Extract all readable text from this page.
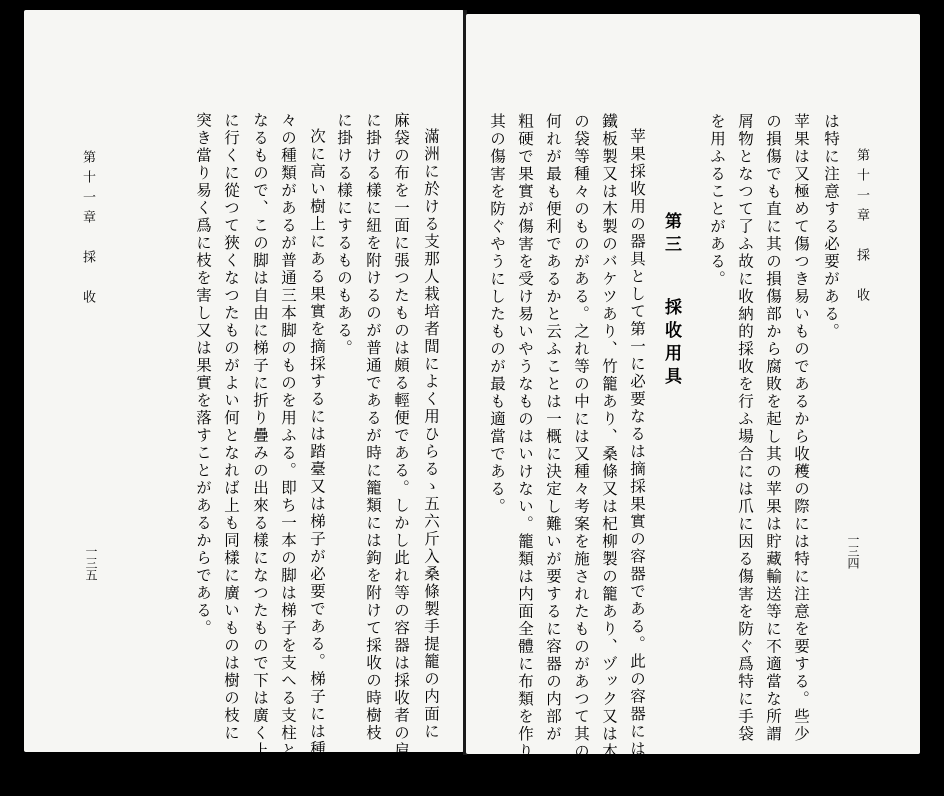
第十一章　採　收
一三五	滿洲に於ける支那人栽培者間によく用ひらるゝ五六斤入桑條製手提籠の内面に
麻袋の布を一面に張つたものは頗る輕便である。しかし此れ等の容器は採收者の肩
に掛ける樣に紐を附けるのが普通であるが時に籠類には鉤を附けて採收の時樹枝
に掛ける樣にするものもある。
次に高い樹上にある果實を摘採するには踏臺又は梯子が必要である。梯子には種
々の種類があるが普通三本脚のものを用ふる。即ち一本の脚は梯子を支へる支柱と
なるもので、この脚は自由に梯子に折り疊みの出來る樣になつたもので下は廣く上
に行くに從つて狹くなつたものがよい何となれば上も同樣に廣いものは樹の枝に
突き當り易く爲に枝を害し又は果實を落すことがあるからである。	第十一章　採　收
一三四
は特に注意する必要がある。
苹果は又極めて傷つき易いものであるから收穫の際には特に注意を要する。些少
の損傷でも直に其の損傷部から腐敗を起し其の苹果は貯藏輸送等に不適當な所謂
屑物となつて了ふ故に收納的採收を行ふ場合には爪に因る傷害を防ぐ爲特に手袋
を用ふることがある。
第三採收用具
苹果採收用の器具として第一に必要なるは摘採果實の容器である。此の容器には
鐵板製又は木製のバケツあり、竹籠あり、桑條又は杞柳製の籠あり、ヅック又は木綿製
の袋等種々のものがある。之れ等の中には又種々考案を施されたものがあつて其の
何れが最も便利であるかと云ふことは一概に決定し難いが要するに容器の内部が
粗硬で果實が傷害を受け易いやうなものはいけない。籠類は内面全體に布類を作り
其の傷害を防ぐやうにしたものが最も適當である。
